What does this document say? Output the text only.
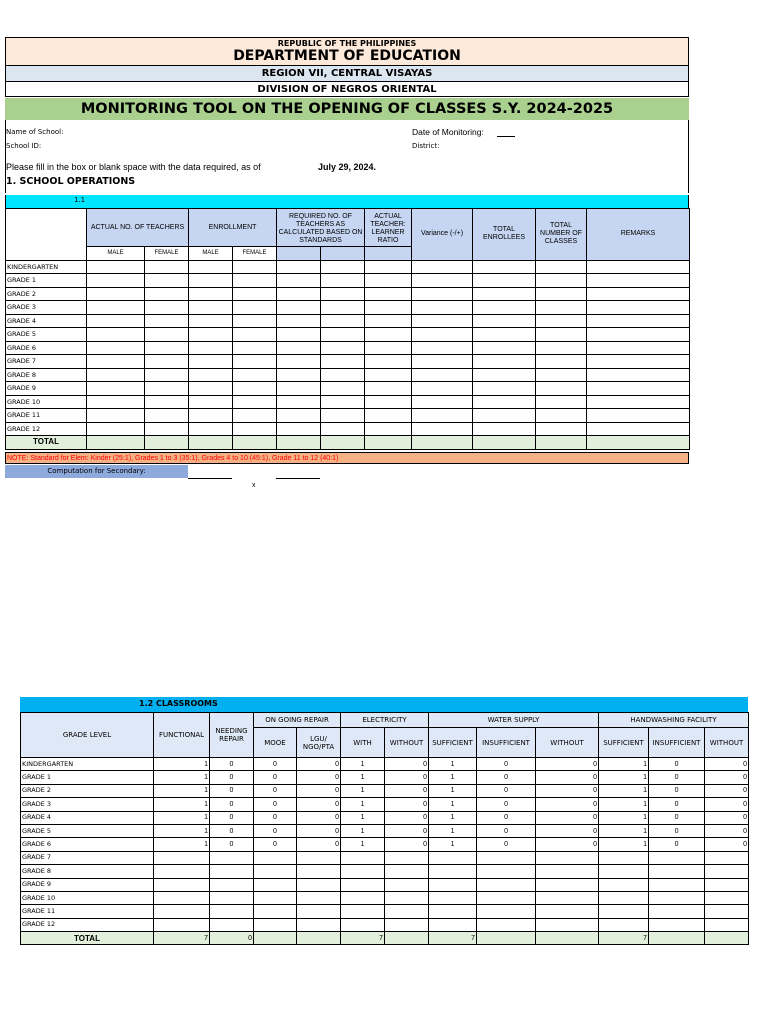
REPUBLIC OF THE PHILIPPINES
DEPARTMENT OF EDUCATION
REGION VII, CENTRAL VISAYAS
DIVISION OF NEGROS ORIENTAL
MONITORING TOOL ON THE OPENING OF CLASSES S.Y. 2024-2025
Name of School:
School ID:
Date of Monitoring:
District:
Please fill in the box or blank space with the data required, as of	July 29, 2024.
1. SCHOOL OPERATIONS
1.1
	ACTUAL NO. OF TEACHERS		ENROLLMENT		REQUIRED NO. OF TEACHERS AS CALCULATED BASED ON STANDARDS		ACTUAL TEACHER: LEARNER RATIO	Variance (-/+)	TOTAL ENROLLEES	TOTAL NUMBER OF CLASSES	REMARKS
	MALE	FEMALE	MALE	FEMALE							
KINDERGARTEN											
GRADE 1											
GRADE 2											
GRADE 3											
GRADE 4											
GRADE 5											
GRADE 6											
GRADE 7											
GRADE 8											
GRADE 9											
GRADE 10											
GRADE 11											
GRADE 12											
TOTAL											
NOTE: Standard for Elem: Kinder (25:1), Grades 1 to 3 (35:1), Grades 4 to 10 (45:1), Grade 11 to 12 (40:1)
Computation for Secondary:
x
1.2 CLASSROOMS
GRADE LEVEL	FUNCTIONAL	NEEDING REPAIR	ON GOING REPAIR		ELECTRICITY		WATER SUPPLY			HANDWASHING FACILITY		
			MOOE	LGU/ NGO/PTA	WITH	WITHOUT	SUFFICIENT	INSUFFICIENT	WITHOUT	SUFFICIENT	INSUFFICIENT	WITHOUT
KINDERGARTEN	1	0	0	0	1	0	1	0	0	1	0	0
GRADE 1	1	0	0	0	1	0	1	0	0	1	0	0
GRADE 2	1	0	0	0	1	0	1	0	0	1	0	0
GRADE 3	1	0	0	0	1	0	1	0	0	1	0	0
GRADE 4	1	0	0	0	1	0	1	0	0	1	0	0
GRADE 5	1	0	0	0	1	0	1	0	0	1	0	0
GRADE 6	1	0	0	0	1	0	1	0	0	1	0	0
GRADE 7												
GRADE 8												
GRADE 9												
GRADE 10												
GRADE 11												
GRADE 12												
TOTAL	7	0			7		7			7		
